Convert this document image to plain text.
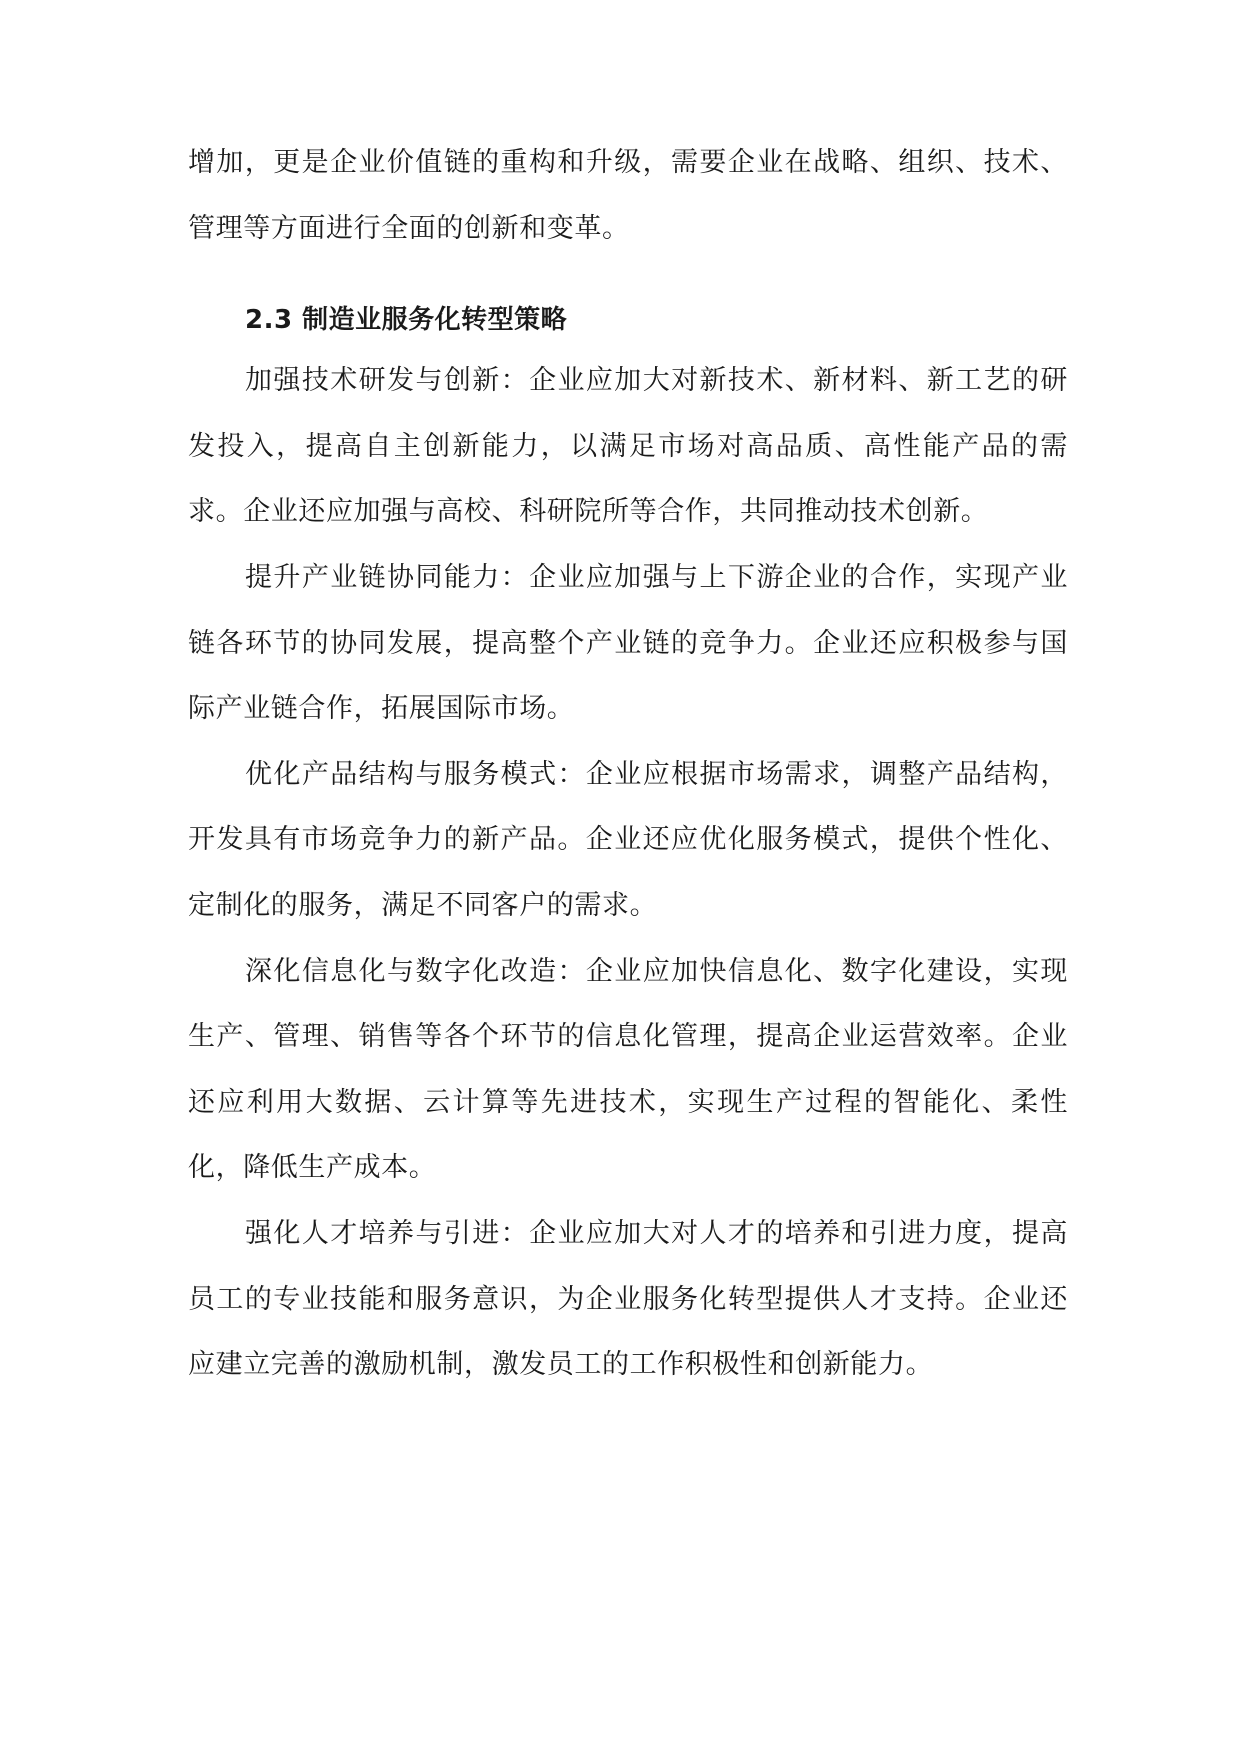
增加，更是企业价值链的重构和升级，需要企业在战略、组织、技术、管理等方面进行全面的创新和变革。

2.3 制造业服务化转型策略

加强技术研发与创新：企业应加大对新技术、新材料、新工艺的研发投入，提高自主创新能力，以满足市场对高品质、高性能产品的需求。企业还应加强与高校、科研院所等合作，共同推动技术创新。

提升产业链协同能力：企业应加强与上下游企业的合作，实现产业链各环节的协同发展，提高整个产业链的竞争力。企业还应积极参与国际产业链合作，拓展国际市场。

优化产品结构与服务模式：企业应根据市场需求，调整产品结构，开发具有市场竞争力的新产品。企业还应优化服务模式，提供个性化、定制化的服务，满足不同客户的需求。

深化信息化与数字化改造：企业应加快信息化、数字化建设，实现生产、管理、销售等各个环节的信息化管理，提高企业运营效率。企业还应利用大数据、云计算等先进技术，实现生产过程的智能化、柔性化，降低生产成本。

强化人才培养与引进：企业应加大对人才的培养和引进力度，提高员工的专业技能和服务意识，为企业服务化转型提供人才支持。企业还应建立完善的激励机制，激发员工的工作积极性和创新能力。
